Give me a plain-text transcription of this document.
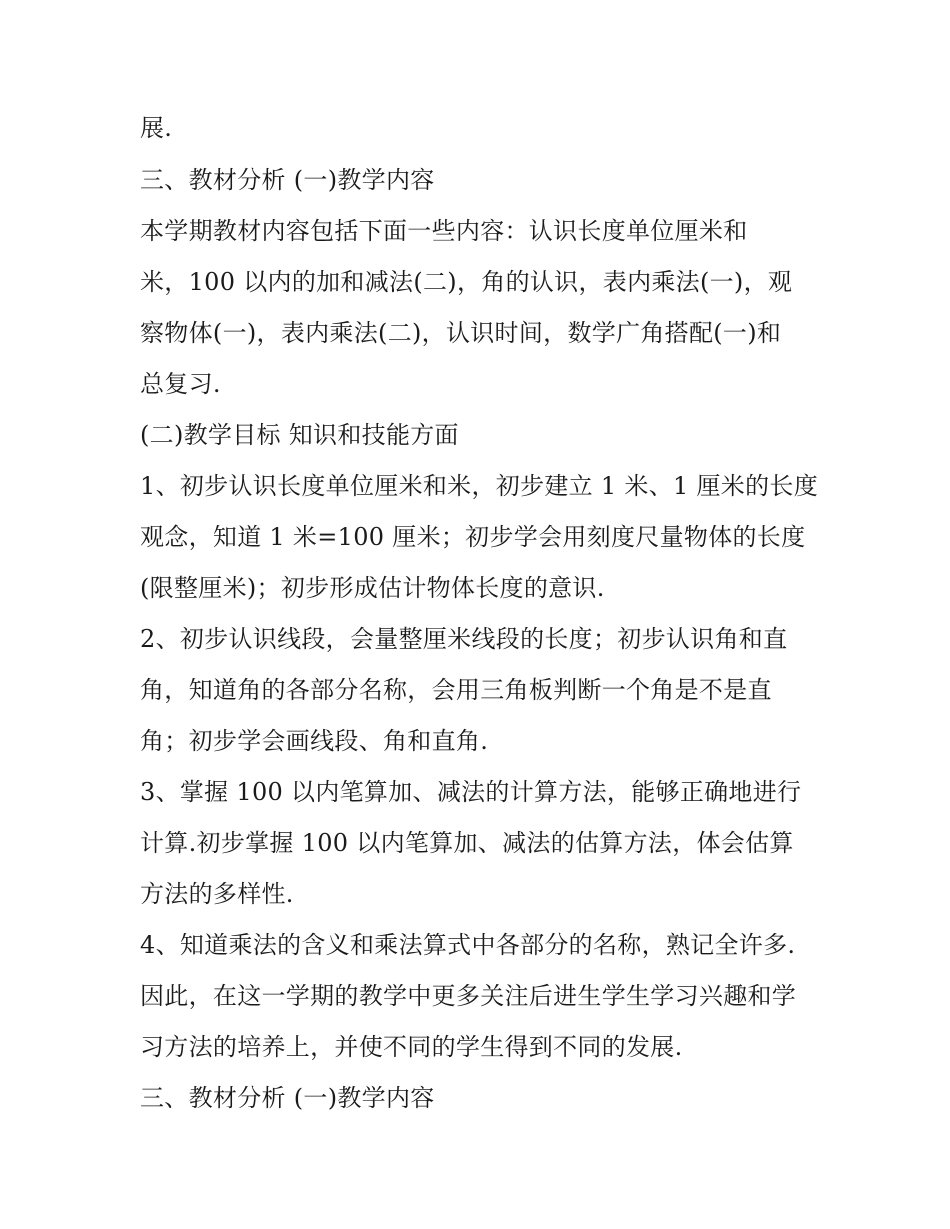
展.
三、教材分析 (一)教学内容
本学期教材内容包括下面一些内容：认识长度单位厘米和
米，100 以内的加和减法(二)，角的认识，表内乘法(一)，观
察物体(一)，表内乘法(二)，认识时间，数学广角搭配(一)和
总复习.
(二)教学目标 知识和技能方面
1、初步认识长度单位厘米和米，初步建立 1 米、1 厘米的长度
观念，知道 1 米=100 厘米；初步学会用刻度尺量物体的长度
(限整厘米)；初步形成估计物体长度的意识.
2、初步认识线段，会量整厘米线段的长度；初步认识角和直
角，知道角的各部分名称，会用三角板判断一个角是不是直
角；初步学会画线段、角和直角.
3、掌握 100 以内笔算加、减法的计算方法，能够正确地进行
计算.初步掌握 100 以内笔算加、减法的估算方法，体会估算
方法的多样性.
4、知道乘法的含义和乘法算式中各部分的名称，熟记全许多.
因此，在这一学期的教学中更多关注后进生学生学习兴趣和学
习方法的培养上，并使不同的学生得到不同的发展.
三、教材分析 (一)教学内容
